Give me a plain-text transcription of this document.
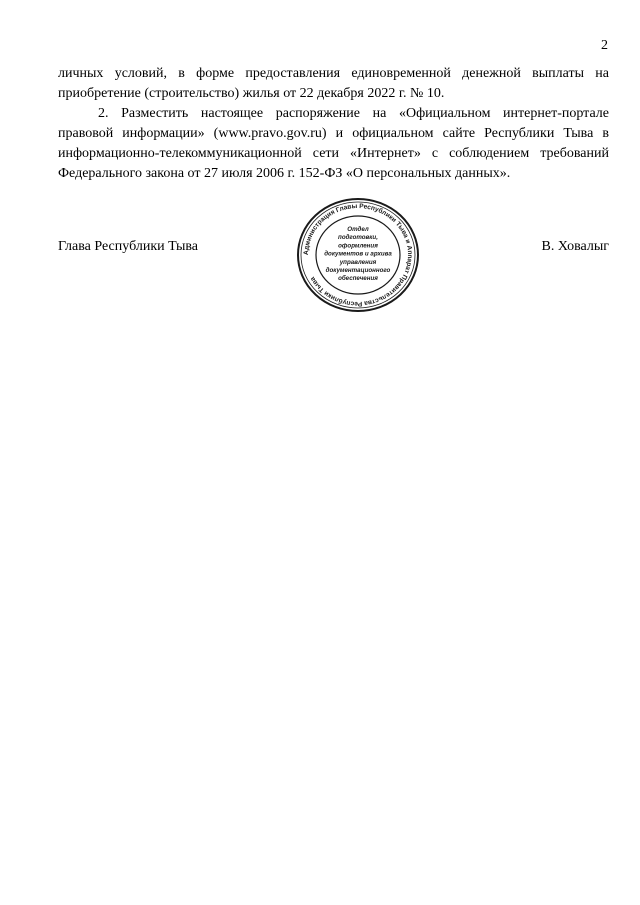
2

личных условий, в форме предоставления единовременной денежной выплаты на приобретение (строительство) жилья от 22 декабря 2022 г. № 10.

2. Разместить настоящее распоряжение на «Официальном интернет-портале правовой информации» (www.pravo.gov.ru) и официальном сайте Республики Тыва в информационно-телекоммуникационной сети «Интернет» с соблюдением требований Федерального закона от 27 июля 2006 г. 152-ФЗ «О персональных данных».

Глава Республики Тыва	В. Ховалыг
Администрация Главы Республики Тыва и Аппарат Правительства Республики Тыва
Отдел
подготовки,
оформления
документов и архива
управления
документационного
обеспечения
